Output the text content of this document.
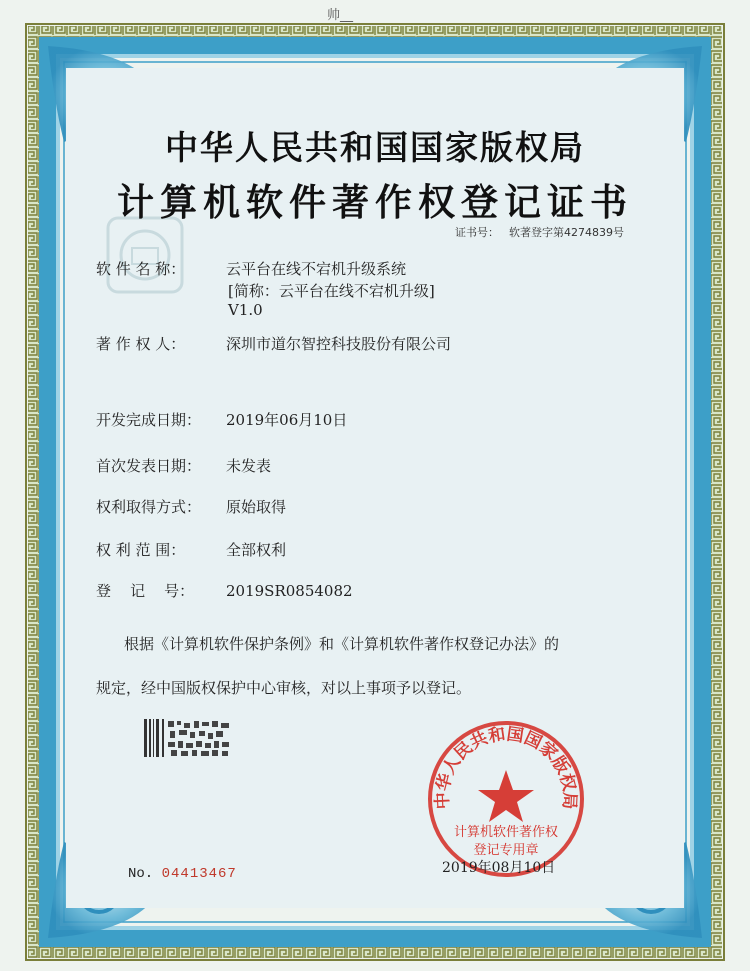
帅__
中华人民共和国国家版权局
计算机软件著作权登记证书
证书号： 软著登字第4274839号
软 件 名 称：	云平台在线不宕机升级系统
[简称：云平台在线不宕机升级]
V1.0
著 作 权 人：	深圳市道尔智控科技股份有限公司
开发完成日期： 2019年06月10日
首次发表日期： 未发表
权利取得方式： 原始取得
权 利 范 围：	全部权利
登    记    号： 2019SR0854082
根据《计算机软件保护条例》和《计算机软件著作权登记办法》的
规定，经中国版权保护中心审核，对以上事项予以登记。
中华人民共和国国家版权局
计算机软件著作权
登记专用章
No. 04413467	2019年08月10日
